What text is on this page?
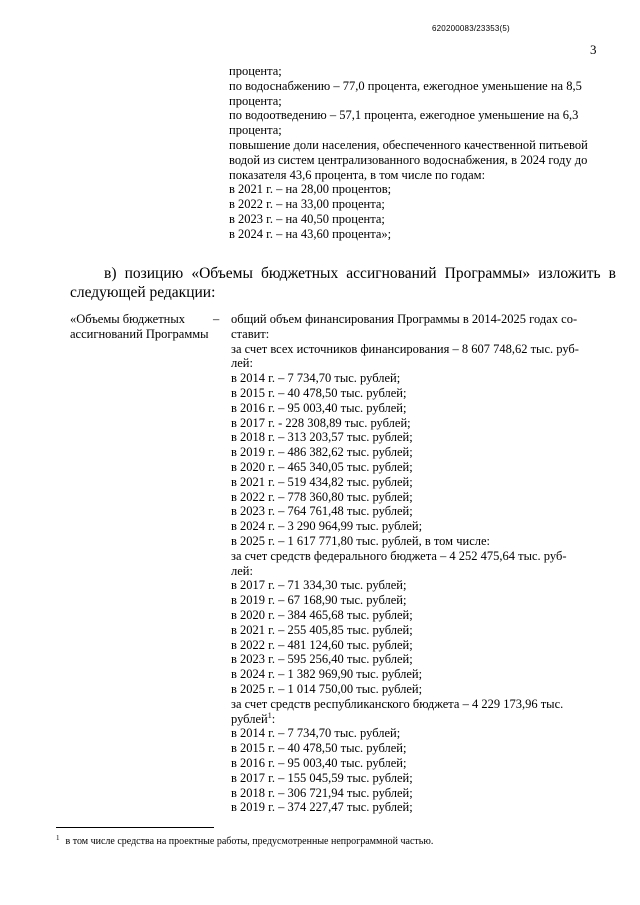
620200083/23353(5)
3
процента;
по водоснабжению – 77,0 процента, ежегодное уменьшение на 8,5
процента;
по водоотведению – 57,1 процента, ежегодное уменьшение на 6,3
процента;
повышение доли населения, обеспеченного качественной питьевой
водой из систем централизованного водоснабжения, в 2024 году до
показателя 43,6 процента, в том числе по годам:
в 2021 г. – на 28,00 процентов;
в 2022 г. – на 33,00 процента;
в 2023 г. – на 40,50 процента;
в 2024 г. – на 43,60 процента»;
в) позицию «Объемы бюджетных ассигнований Программы» изложить в следующей редакции:
«Объемы бюджетных ассигнований Программы
– общий объем финансирования Программы в 2014-2025 годах со-
ставит:
за счет всех источников финансирования – 8 607 748,62 тыс. руб-
лей:
в 2014 г. – 7 734,70 тыс. рублей;
в 2015 г. – 40 478,50 тыс. рублей;
в 2016 г. – 95 003,40 тыс. рублей;
в 2017 г. - 228 308,89 тыс. рублей;
в 2018 г. – 313 203,57 тыс. рублей;
в 2019 г. – 486 382,62 тыс. рублей;
в 2020 г. – 465 340,05 тыс. рублей;
в 2021 г. – 519 434,82 тыс. рублей;
в 2022 г. – 778 360,80 тыс. рублей;
в 2023 г. – 764 761,48 тыс. рублей;
в 2024 г. – 3 290 964,99 тыс. рублей;
в 2025 г. – 1 617 771,80 тыс. рублей, в том числе:
за счет средств федерального бюджета – 4 252 475,64 тыс. руб-
лей:
в 2017 г. – 71 334,30 тыс. рублей;
в 2019 г. – 67 168,90 тыс. рублей;
в 2020 г. – 384 465,68 тыс. рублей;
в 2021 г. – 255 405,85 тыс. рублей;
в 2022 г. – 481 124,60 тыс. рублей;
в 2023 г. – 595 256,40 тыс. рублей;
в 2024 г. – 1 382 969,90 тыс. рублей;
в 2025 г. – 1 014 750,00 тыс. рублей;
за счет средств республиканского бюджета – 4 229 173,96 тыс.
рублей$^1$:
в 2014 г. – 7 734,70 тыс. рублей;
в 2015 г. – 40 478,50 тыс. рублей;
в 2016 г. – 95 003,40 тыс. рублей;
в 2017 г. – 155 045,59 тыс. рублей;
в 2018 г. – 306 721,94 тыс. рублей;
в 2019 г. – 374 227,47 тыс. рублей;
$^1$ в том числе средства на проектные работы, предусмотренные непрограммной частью.
